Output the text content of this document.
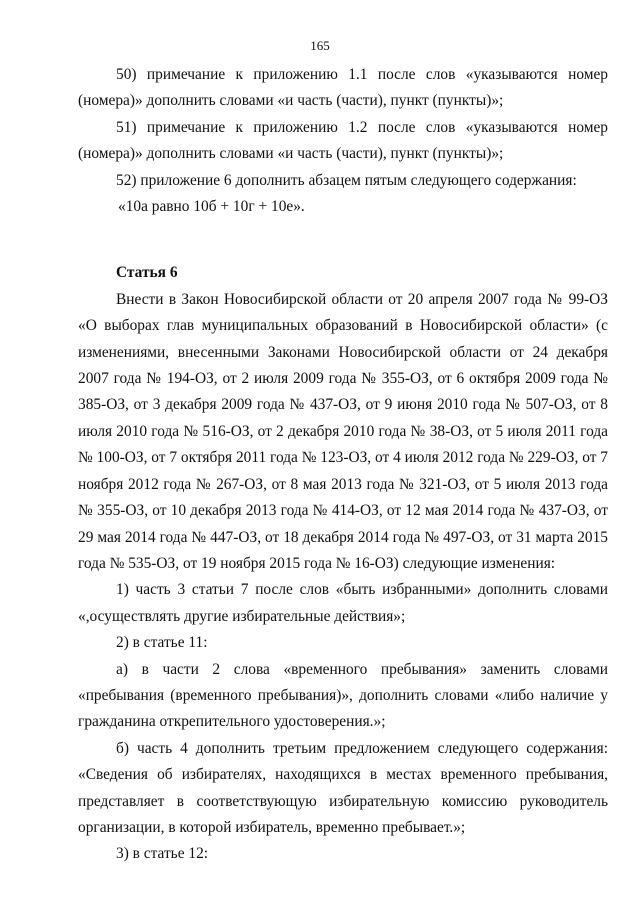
165

50) примечание к приложению 1.1 после слов «указываются номер (номера)» дополнить словами «и часть (части), пункт (пункты)»;

51) примечание к приложению 1.2 после слов «указываются номер (номера)» дополнить словами «и часть (части), пункт (пункты)»;

52) приложение 6 дополнить абзацем пятым следующего содержания:

«10а равно 10б + 10г + 10е».

Статья 6

Внести в Закон Новосибирской области от 20 апреля 2007 года № 99-ОЗ «О выборах глав муниципальных образований в Новосибирской области» (с изменениями, внесенными Законами Новосибирской области от 24 декабря 2007 года № 194-ОЗ, от 2 июля 2009 года № 355-ОЗ, от 6 октября 2009 года № 385-ОЗ, от 3 декабря 2009 года № 437-ОЗ, от 9 июня 2010 года № 507-ОЗ, от 8 июля 2010 года № 516-ОЗ, от 2 декабря 2010 года № 38-ОЗ, от 5 июля 2011 года № 100-ОЗ, от 7 октября 2011 года № 123-ОЗ, от 4 июля 2012 года № 229-ОЗ, от 7 ноября 2012 года № 267-ОЗ, от 8 мая 2013 года № 321-ОЗ, от 5 июля 2013 года № 355-ОЗ, от 10 декабря 2013 года № 414-ОЗ, от 12 мая 2014 года № 437-ОЗ, от 29 мая 2014 года № 447-ОЗ, от 18 декабря 2014 года № 497-ОЗ, от 31 марта 2015 года № 535-ОЗ, от 19 ноября 2015 года № 16-ОЗ) следующие изменения:

1) часть 3 статьи 7 после слов «быть избранными» дополнить словами «,осуществлять другие избирательные действия»;

2) в статье 11:

а) в части 2 слова «временного пребывания» заменить словами «пребывания (временного пребывания)», дополнить словами «либо наличие у гражданина открепительного удостоверения.»;

б) часть 4 дополнить третьим предложением следующего содержания: «Сведения об избирателях, находящихся в местах временного пребывания, представляет в соответствующую избирательную комиссию руководитель организации, в которой избиратель, временно пребывает.»;

3) в статье 12:
